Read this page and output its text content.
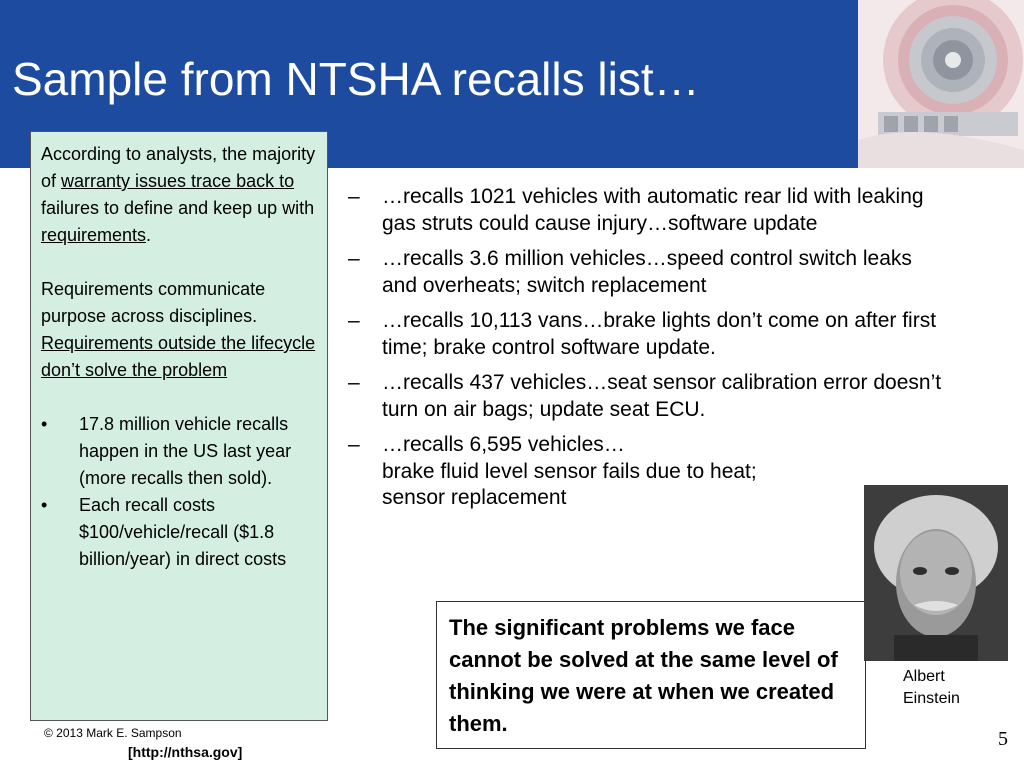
Sample from NTSHA recalls list…

According to analysts, the majority of warranty issues trace back to failures to define and keep up with requirements.

Requirements communicate purpose across disciplines. Requirements outside the lifecycle don’t solve the problem

• 17.8 million vehicle recalls happen in the US last year (more recalls then sold).
• Each recall costs $100/vehicle/recall ($1.8 billion/year) in direct costs
– …recalls 1021 vehicles with automatic rear lid with leaking gas struts could cause injury…software update
– …recalls 3.6 million vehicles…speed control switch leaks and overheats; switch replacement
– …recalls 10,113 vans…brake lights don’t come on after first time; brake control software update.
– …recalls 437 vehicles…seat sensor calibration error doesn’t turn on air bags; update seat ECU.
– …recalls 6,595 vehicles…
brake fluid level sensor fails due to heat;
sensor replacement
The significant problems we face cannot be solved at the same level of thinking we were at when we created them.
Albert
Einstein
© 2013 Mark E. Sampson
[http://nthsa.gov]
5
